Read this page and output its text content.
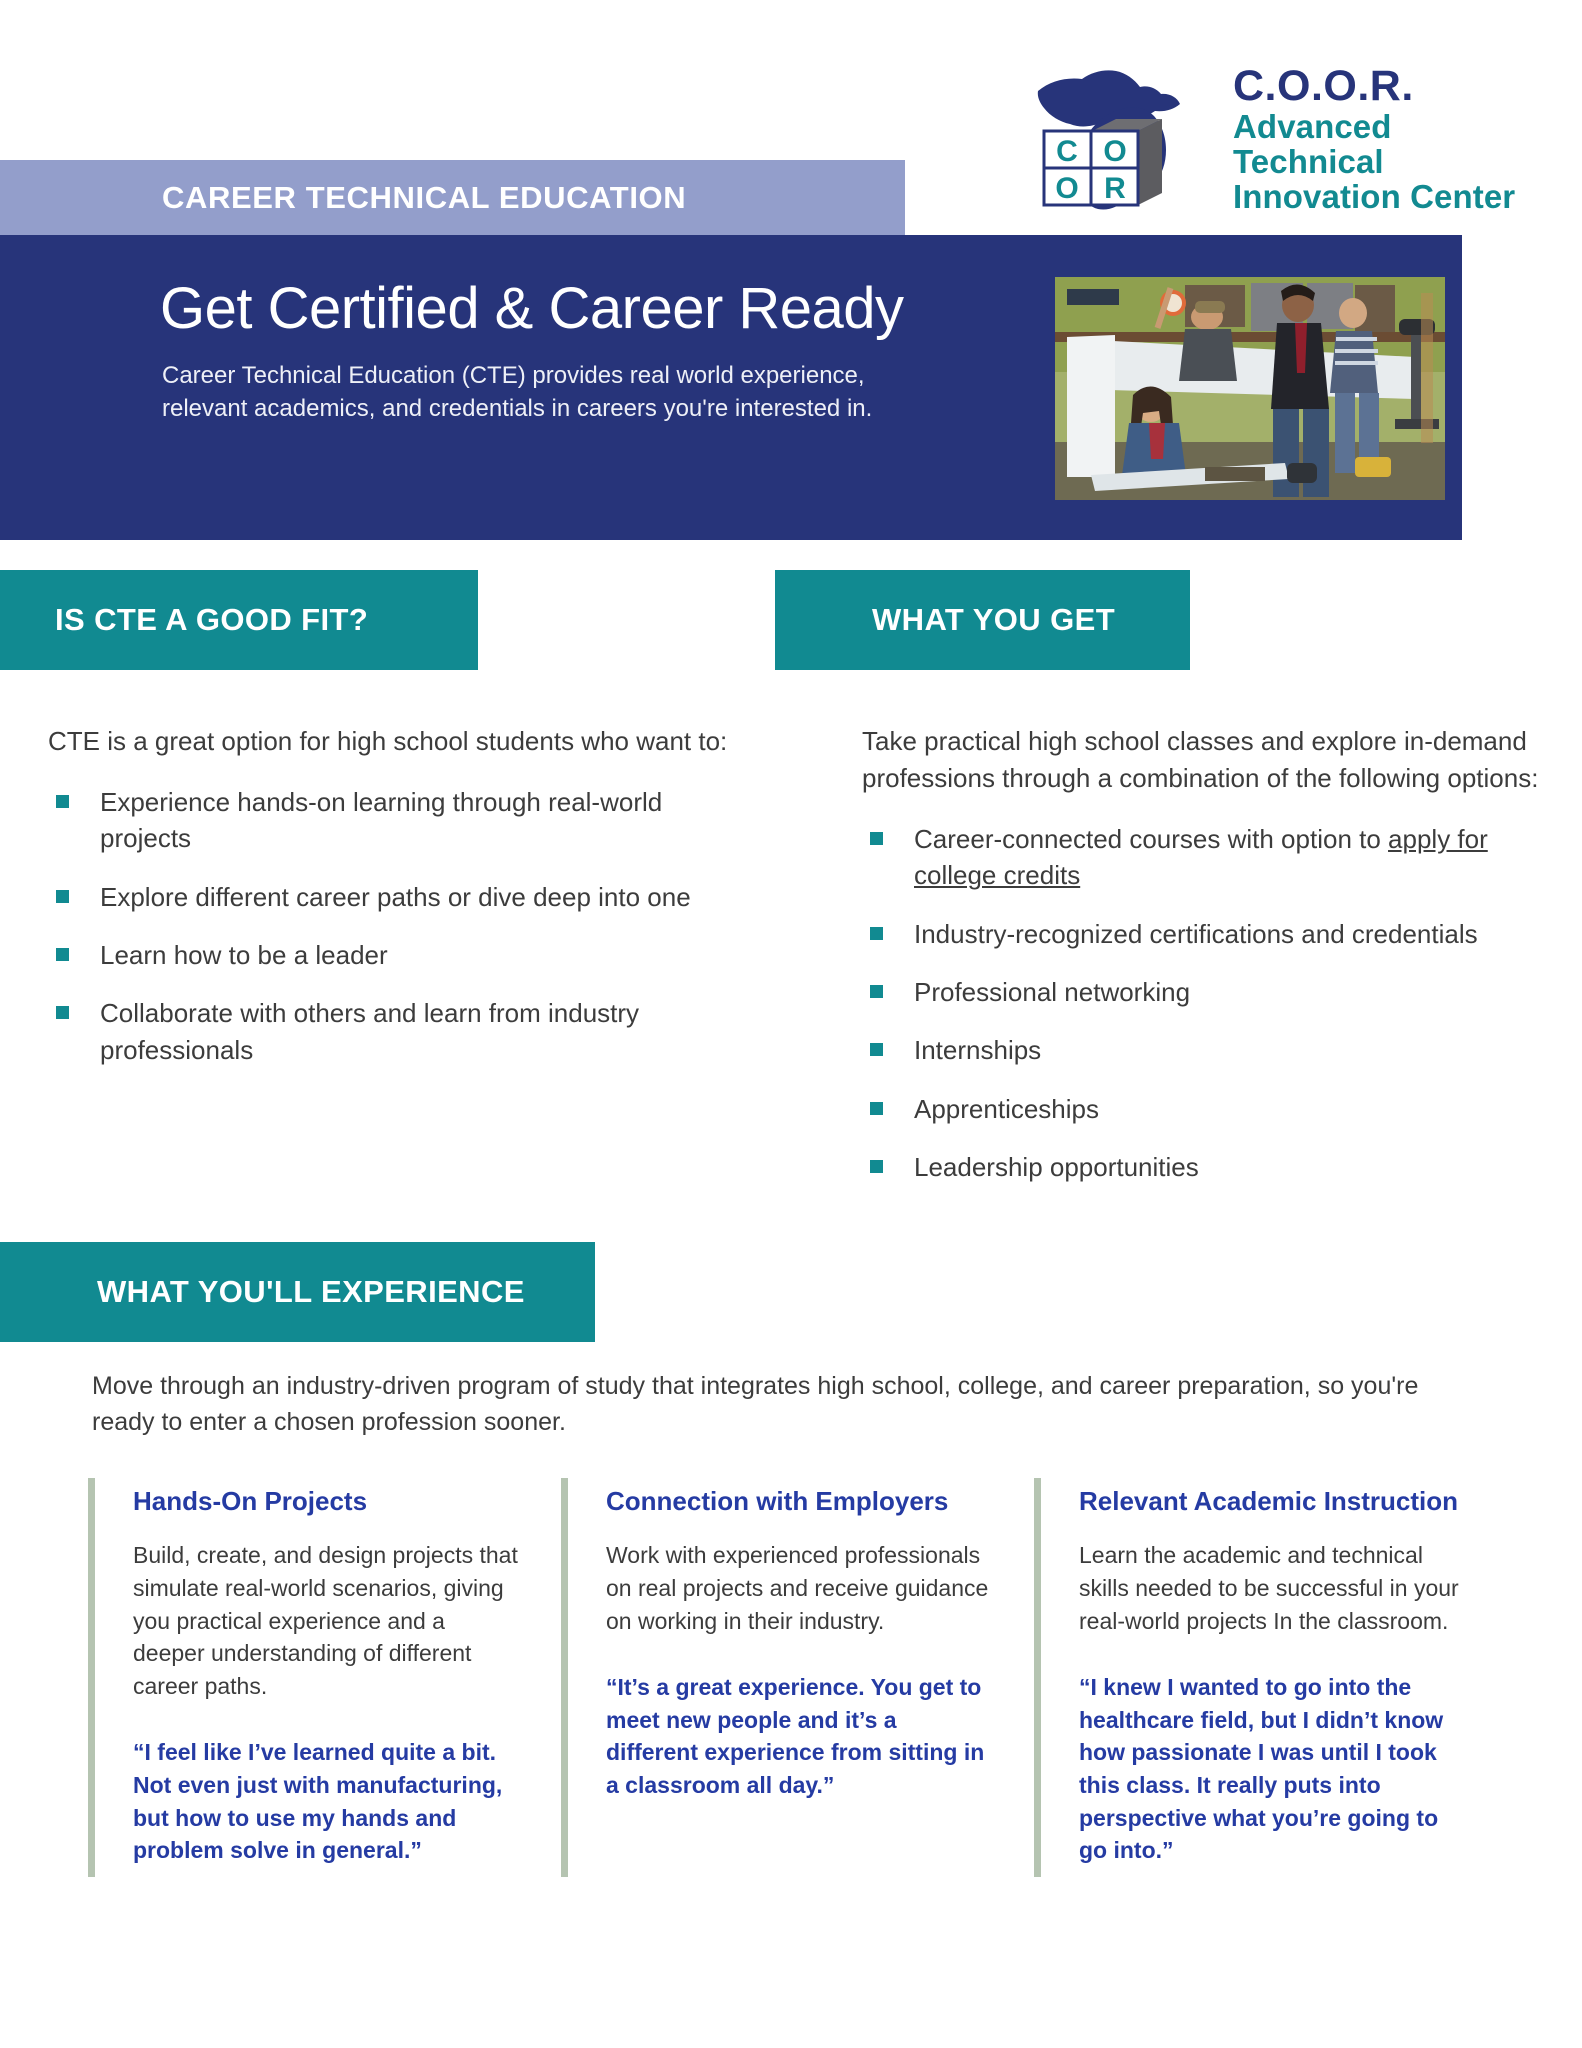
C O
O R
C.O.O.R.
Advanced Technical
Innovation Center
CAREER TECHNICAL EDUCATION
Get Certified & Career Ready

Career Technical Education (CTE) provides real world experience, relevant academics, and credentials in careers you're interested in.

IS CTE A GOOD FIT?	WHAT YOU GET
WHAT YOU'LL EXPERIENCE

CTE is a great option for high school students who want to:

Experience hands-on learning through real-world projects
Explore different career paths or dive deep into one
Learn how to be a leader
Collaborate with others and learn from industry professionals

Take practical high school classes and explore in-demand professions through a combination of the following options:

Career-connected courses with option to apply for college credits
Industry-recognized certifications and credentials
Professional networking
Internships
Apprenticeships
Leadership opportunities

Move through an industry-driven program of study that integrates high school, college, and career preparation, so you're ready to enter a chosen profession sooner.

Hands-On Projects
Build, create, and design projects that simulate real-world scenarios, giving you practical experience and a deeper understanding of different career paths.
“I feel like I’ve learned quite a bit. Not even just with manufacturing, but how to use my hands and problem solve in general.”
Connection with Employers
Work with experienced professionals on real projects and receive guidance on working in their industry.
“It’s a great experience. You get to meet new people and it’s a different experience from sitting in a classroom all day.”
Relevant Academic Instruction
Learn the academic and technical skills needed to be successful in your real-world projects In the classroom.
“I knew I wanted to go into the healthcare field, but I didn’t know how passionate I was until I took this class. It really puts into perspective what you’re going to go into.”
